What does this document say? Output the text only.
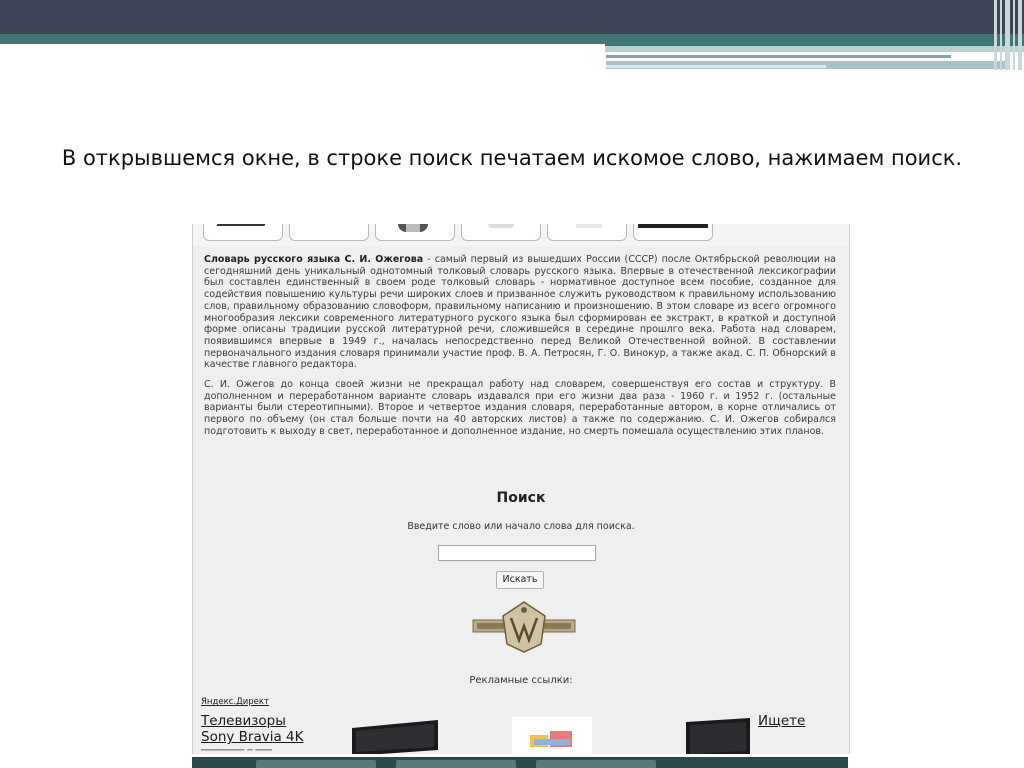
В открывшемся окне, в строке поиск печатаем искомое слово, нажимаем поиск.

Словарь русского языка С. И. Ожегова - самый первый из вышедших России (СССР) после Октябрьской революции на сегодняшний день уникальный однотомный толковый словарь русского языка. Впервые в отечественной лексикографии был составлен единственный в своем роде толковый словарь - нормативное доступное всем пособие, созданное для содействия повышению культуры речи широких слоев и призванное служить руководством к правильному использованию слов, правильному образованию словоформ, правильному написанию и произношению. В этом словаре из всего огромного многообразия лексики современного литературного руского языка был сформирован ее экстракт, в краткой и доступной форме описаны традиции русской литературной речи, сложившейся в середине прошлго века. Работа над словарем, появившимся впервые в 1949 г., началась непосредственно перед Великой Отечественной войной. В составлении первоначального издания словаря принимали участие проф. В. А. Петросян, Г. О. Винокур, а также акад. С. П. Обнорский в качестве главного редактора.

С. И. Ожегов до конца своей жизни не прекращал работу над словарем, совершенствуя его состав и структуру. В дополненном и переработанном варианте словарь издавался при его жизни два раза - 1960 г. и 1952 г. (остальные варианты были стереотипными). Второе и четвертое издания словаря, переработанные автором, в корне отличались от первого по объему (он стал больше почти на 40 авторских листов) а также по содержанию. С. И. Ожегов собирался подготовить к выходу в свет, переработанное и дополненное издание, но смерть помешала осуществлению этих планов.

Поиск
Введите слово или начало слова для поиска.
Искать
Рекламные ссылки:
Яндекс.Директ
Телевизоры
Sony Bravia 4K
──────── ─ ───
Ищете
